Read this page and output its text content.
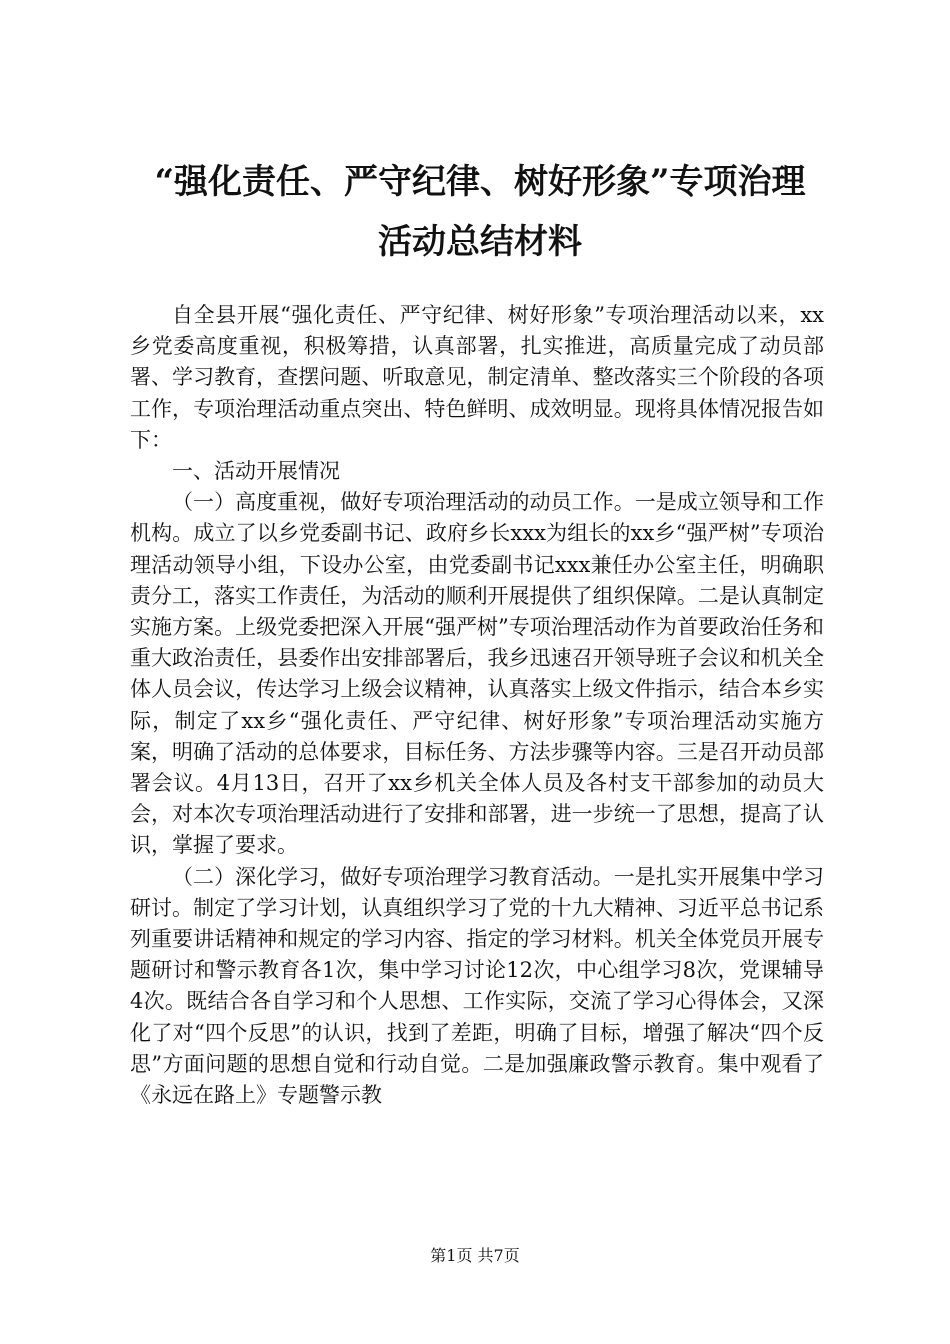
“强化责任、严守纪律、树好形象”专项治理
活动总结材料

自全县开展“强化责任、严守纪律、树好形象”专项治理活动以来，xx乡党委高度重视，积极筹措，认真部署，扎实推进，高质量完成了动员部署、学习教育，查摆问题、听取意见，制定清单、整改落实三个阶段的各项工作，专项治理活动重点突出、特色鲜明、成效明显。现将具体情况报告如下：

一、活动开展情况

（一）高度重视，做好专项治理活动的动员工作。一是成立领导和工作机构。成立了以乡党委副书记、政府乡长xxx为组长的xx乡“强严树”专项治理活动领导小组，下设办公室，由党委副书记xxx兼任办公室主任，明确职责分工，落实工作责任，为活动的顺利开展提供了组织保障。二是认真制定实施方案。上级党委把深入开展“强严树”专项治理活动作为首要政治任务和重大政治责任，县委作出安排部署后，我乡迅速召开领导班子会议和机关全体人员会议，传达学习上级会议精神，认真落实上级文件指示，结合本乡实际，制定了xx乡“强化责任、严守纪律、树好形象”专项治理活动实施方案，明确了活动的总体要求，目标任务、方法步骤等内容。三是召开动员部署会议。4月13日，召开了xx乡机关全体人员及各村支干部参加的动员大会，对本次专项治理活动进行了安排和部署，进一步统一了思想，提高了认识，掌握了要求。

（二）深化学习，做好专项治理学习教育活动。一是扎实开展集中学习研讨。制定了学习计划，认真组织学习了党的十九大精神、习近平总书记系列重要讲话精神和规定的学习内容、指定的学习材料。机关全体党员开展专题研讨和警示教育各1次，集中学习讨论12次，中心组学习8次，党课辅导4次。既结合各自学习和个人思想、工作实际，交流了学习心得体会，又深化了对“四个反思”的认识，找到了差距，明确了目标，增强了解决“四个反思”方面问题的思想自觉和行动自觉。二是加强廉政警示教育。集中观看了《永远在路上》专题警示教

第1页 共7页
